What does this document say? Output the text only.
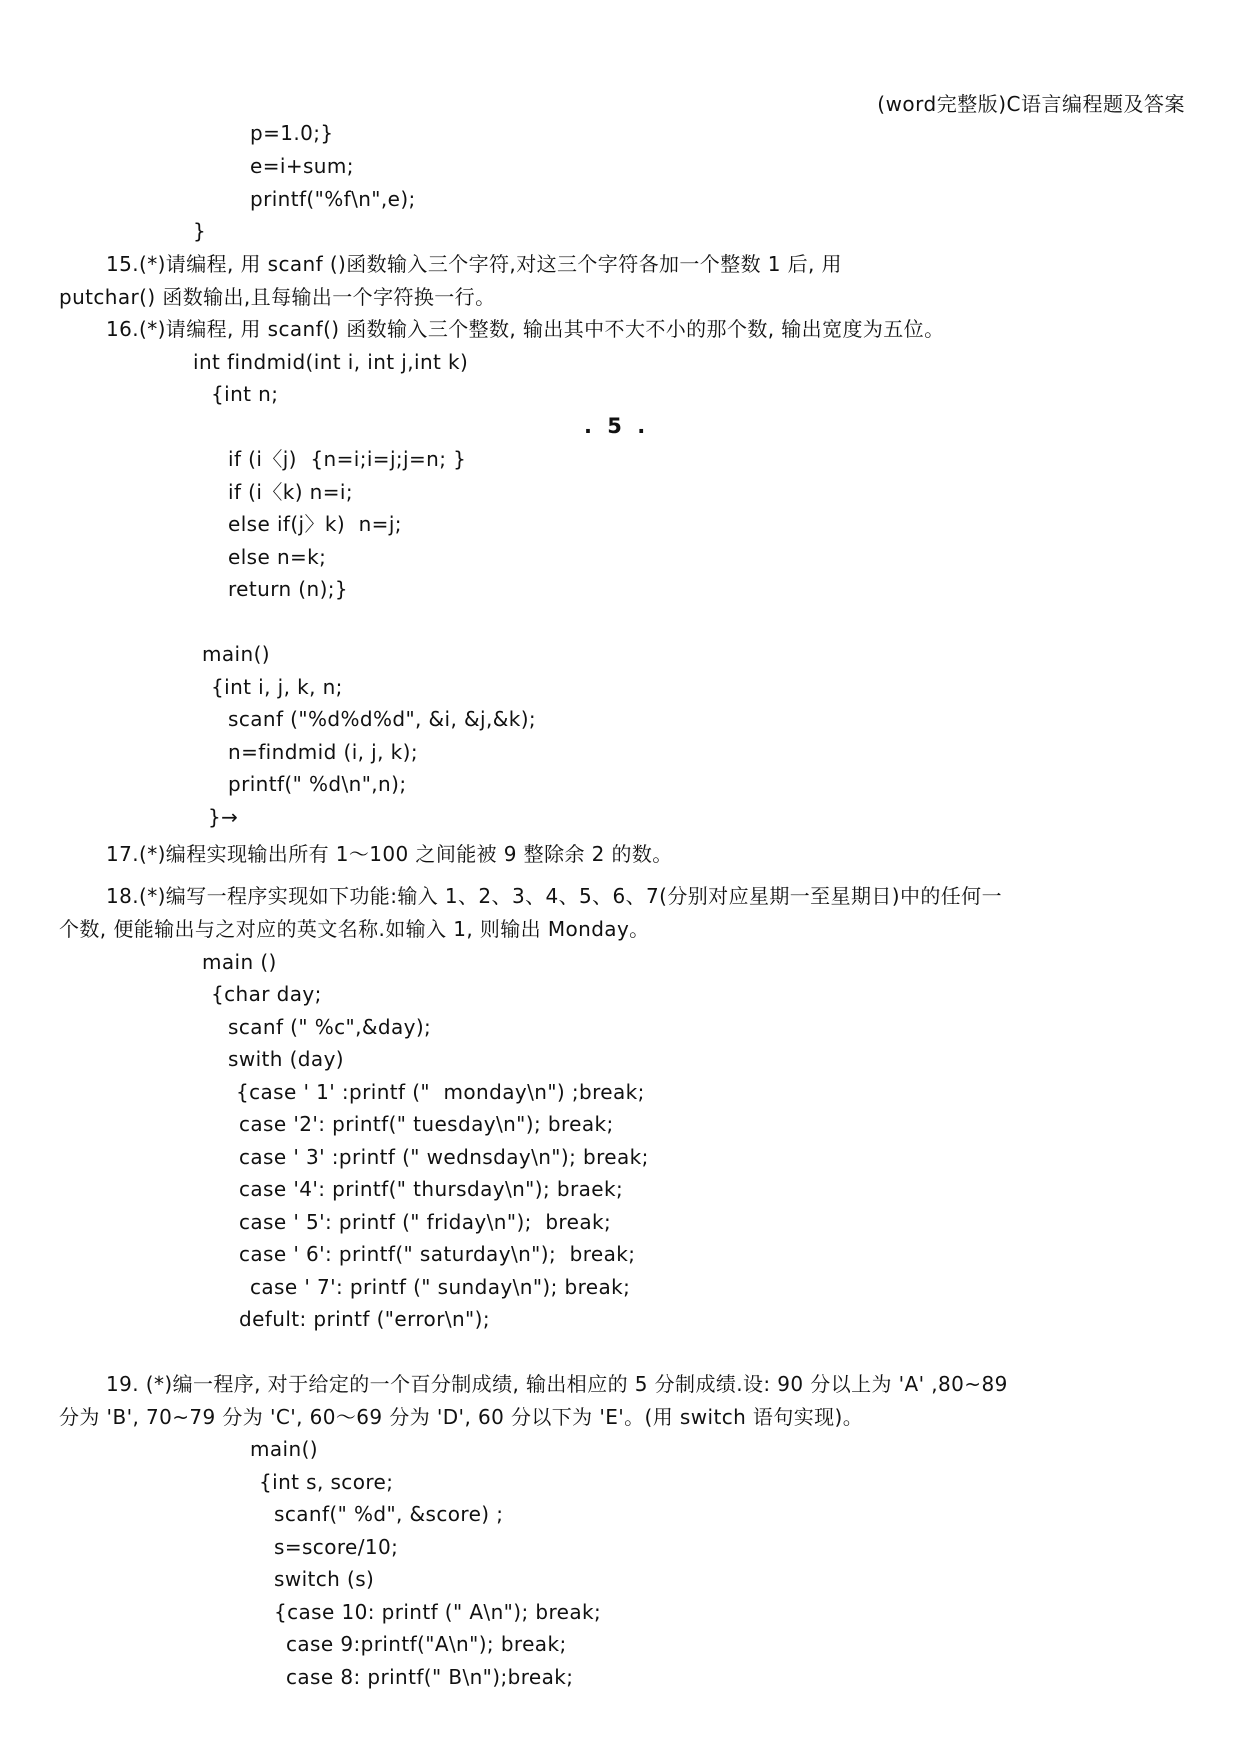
(word完整版)C语言编程题及答案
p=1.0;}
e=i+sum;
printf("%f\n",e);
}
15.(*)请编程, 用 scanf ()函数输入三个字符,对这三个字符各加一个整数 1 后, 用
putchar() 函数输出,且每输出一个字符换一行。
16.(*)请编程, 用 scanf() 函数输入三个整数, 输出其中不大不小的那个数, 输出宽度为五位。
int findmid(int i, int j,int k)
{int n;
. 5 .
if (i〈j)  {n=i;i=j;j=n; }
if (i〈k) n=i;
else if(j〉k)  n=j;
else n=k;
return (n);}
main()
{int i, j, k, n;
scanf ("%d%d%d", &i, &j,&k);
n=findmid (i, j, k);
printf(" %d\n",n);
}→
17.(*)编程实现输出所有 1～100 之间能被 9 整除余 2 的数。
18.(*)编写一程序实现如下功能:输入 1、2、3、4、5、6、7(分别对应星期一至星期日)中的任何一
个数, 便能输出与之对应的英文名称.如输入 1, 则输出 Monday。
main ()
{char day;
scanf (" %c",&day);
swith (day)
{case ' 1' :printf ("  monday\n") ;break;
case '2': printf(" tuesday\n"); break;
case ' 3' :printf (" wednsday\n"); break;
case '4': printf(" thursday\n"); braek;
case ' 5': printf (" friday\n");  break;
case ' 6': printf(" saturday\n");  break;
case ' 7': printf (" sunday\n"); break;
defult: printf ("error\n");
19. (*)编一程序, 对于给定的一个百分制成绩, 输出相应的 5 分制成绩.设: 90 分以上为 'A' ,80~89
分为 'B', 70~79 分为 'C', 60～69 分为 'D', 60 分以下为 'E'。(用 switch 语句实现)。
main()
{int s, score;
scanf(" %d", &score) ;
s=score/10;
switch (s)
{case 10: printf (" A\n"); break;
case 9:printf("A\n"); break;
case 8: printf(" B\n");break;
